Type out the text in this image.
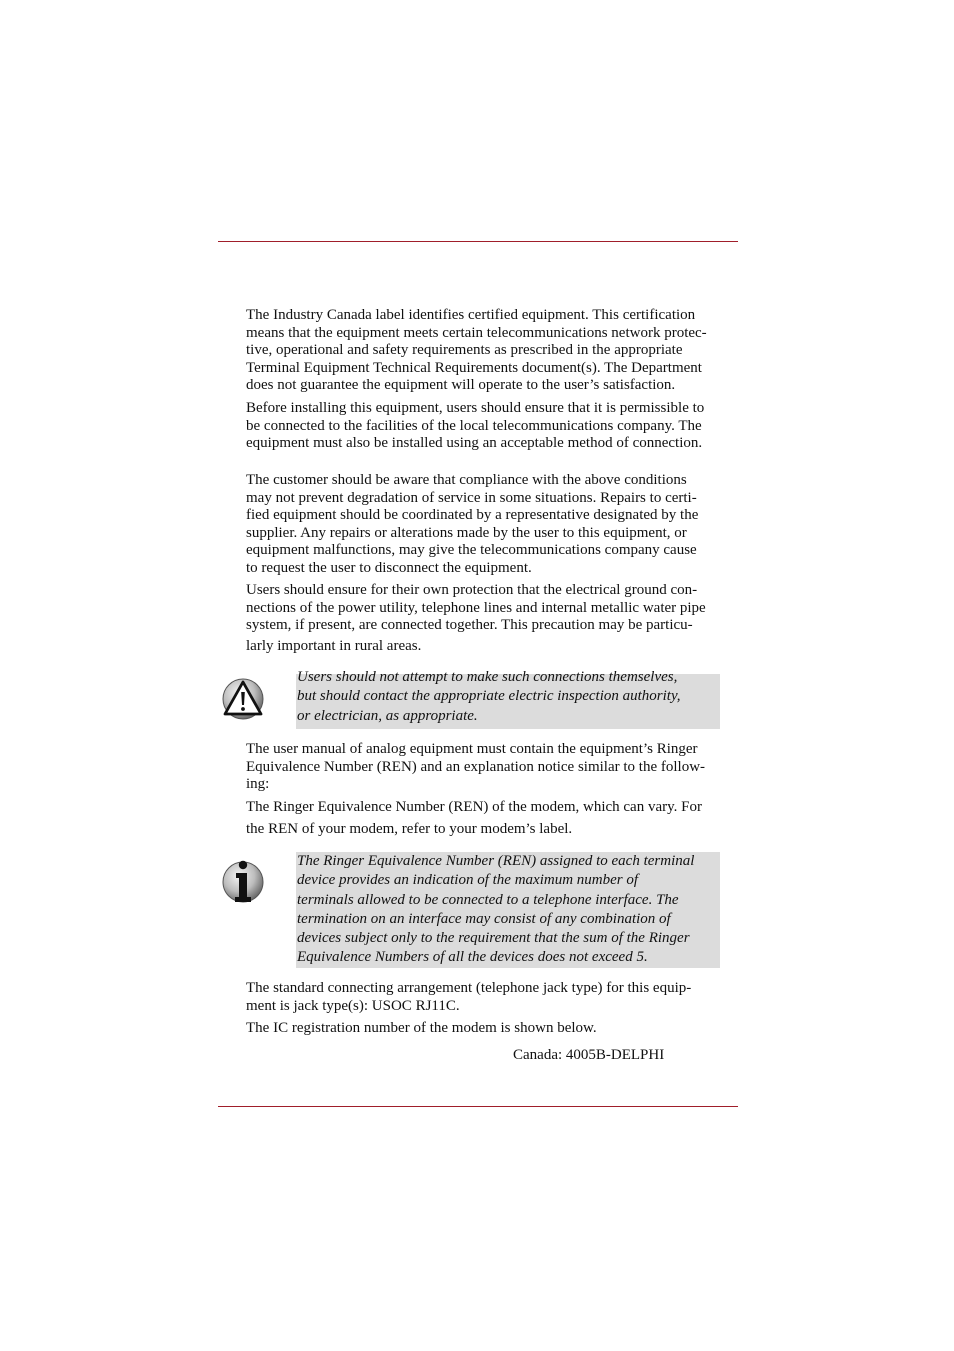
The Industry Canada label identifies certified equipment. This certification
means that the equipment meets certain telecommunications network protec-
tive, operational and safety requirements as prescribed in the appropriate
Terminal Equipment Technical Requirements document(s). The Department
does not guarantee the equipment will operate to the user’s satisfaction.
Before installing this equipment, users should ensure that it is permissible to
be connected to the facilities of the local telecommunications company. The
equipment must also be installed using an acceptable method of connection.
The customer should be aware that compliance with the above conditions
may not prevent degradation of service in some situations. Repairs to certi-
fied equipment should be coordinated by a representative designated by the
supplier. Any repairs or alterations made by the user to this equipment, or
equipment malfunctions, may give the telecommunications company cause
to request the user to disconnect the equipment.
Users should ensure for their own protection that the electrical ground con-
nections of the power utility, telephone lines and internal metallic water pipe
system, if present, are connected together. This precaution may be particu-
larly important in rural areas.
Users should not attempt to make such connections themselves,
but should contact the appropriate electric inspection authority,
or electrician, as appropriate.
The user manual of analog equipment must contain the equipment’s Ringer
Equivalence Number (REN) and an explanation notice similar to the follow-
ing:
The Ringer Equivalence Number (REN) of the modem, which can vary. For
the REN of your modem, refer to your modem’s label.
The Ringer Equivalence Number (REN) assigned to each terminal
device provides an indication of the maximum number of
terminals allowed to be connected to a telephone interface. The
termination on an interface may consist of any combination of
devices subject only to the requirement that the sum of the Ringer
Equivalence Numbers of all the devices does not exceed 5.
The standard connecting arrangement (telephone jack type) for this equip-
ment is jack type(s): USOC RJ11C.
The IC registration number of the modem is shown below.
Canada: 4005B-DELPHI
